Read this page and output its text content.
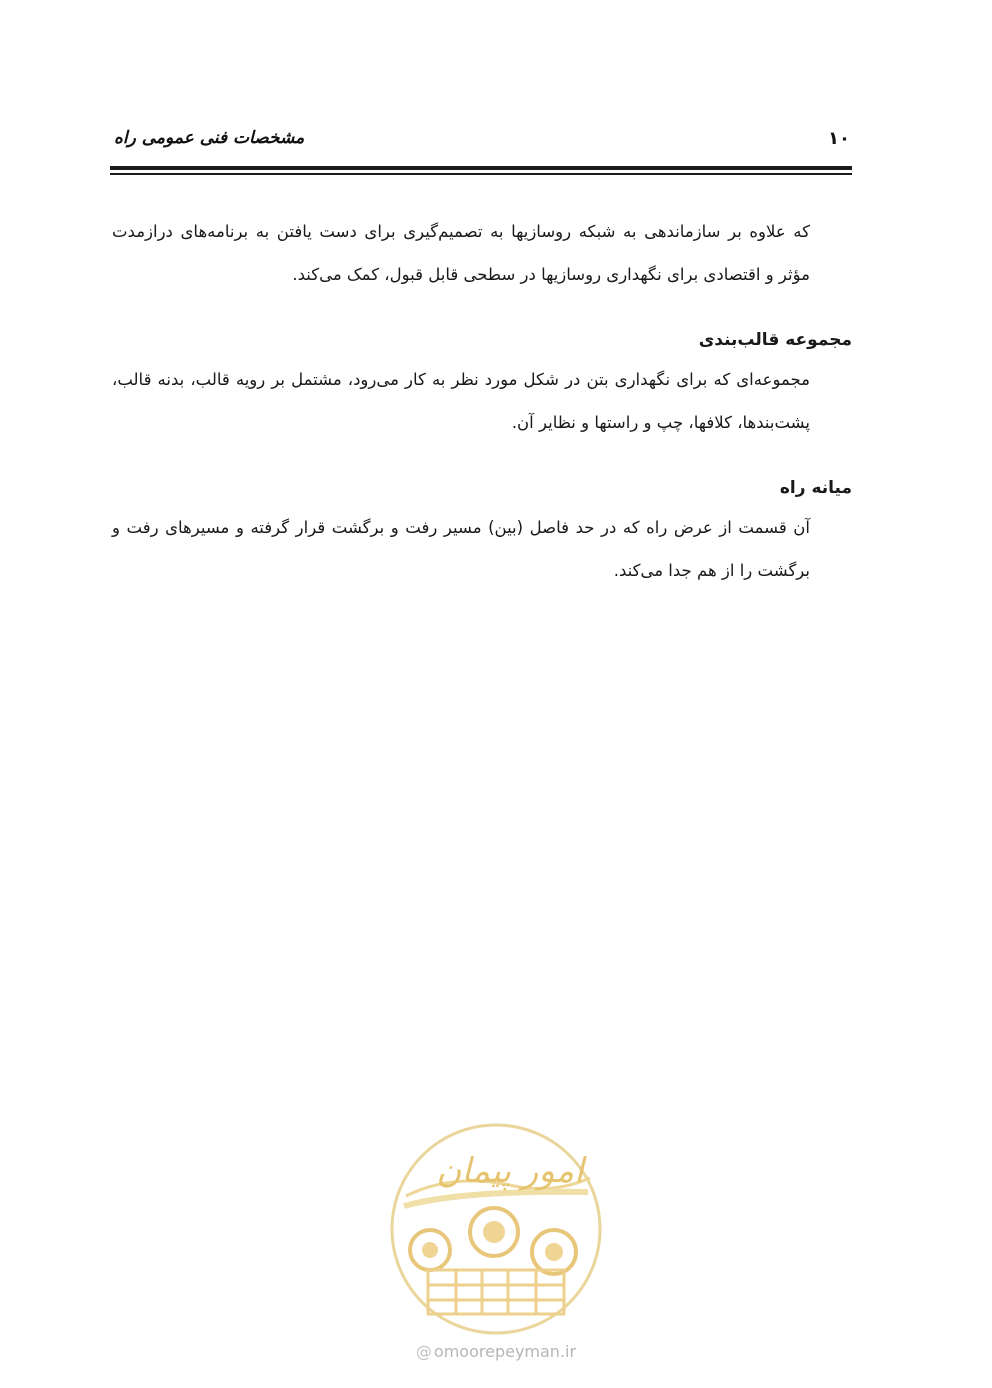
مشخصات فنی عمومی راه	۱۰

که علاوه بر سازماندهی به شبکه روسازیها به تصمیم‌گیری برای دست یافتن به برنامه‌های درازمدت مؤثر و اقتصادی برای نگهداری روسازیها در سطحی قابل قبول، کمک می‌کند.

مجموعه قالب‌بندی

مجموعه‌ای که برای نگهداری بتن در شکل مورد نظر به کار می‌رود، مشتمل بر رویه قالب، بدنه قالب، پشت‌بندها، کلافها، چپ و راستها و نظایر آن.

میانه راه

آن قسمت از عرض راه که در حد فاصل (بین) مسیر رفت و برگشت قرار گرفته و مسیرهای رفت و برگشت را از هم جدا می‌کند.

امور پیمان
@ omoorepeyman.ir
